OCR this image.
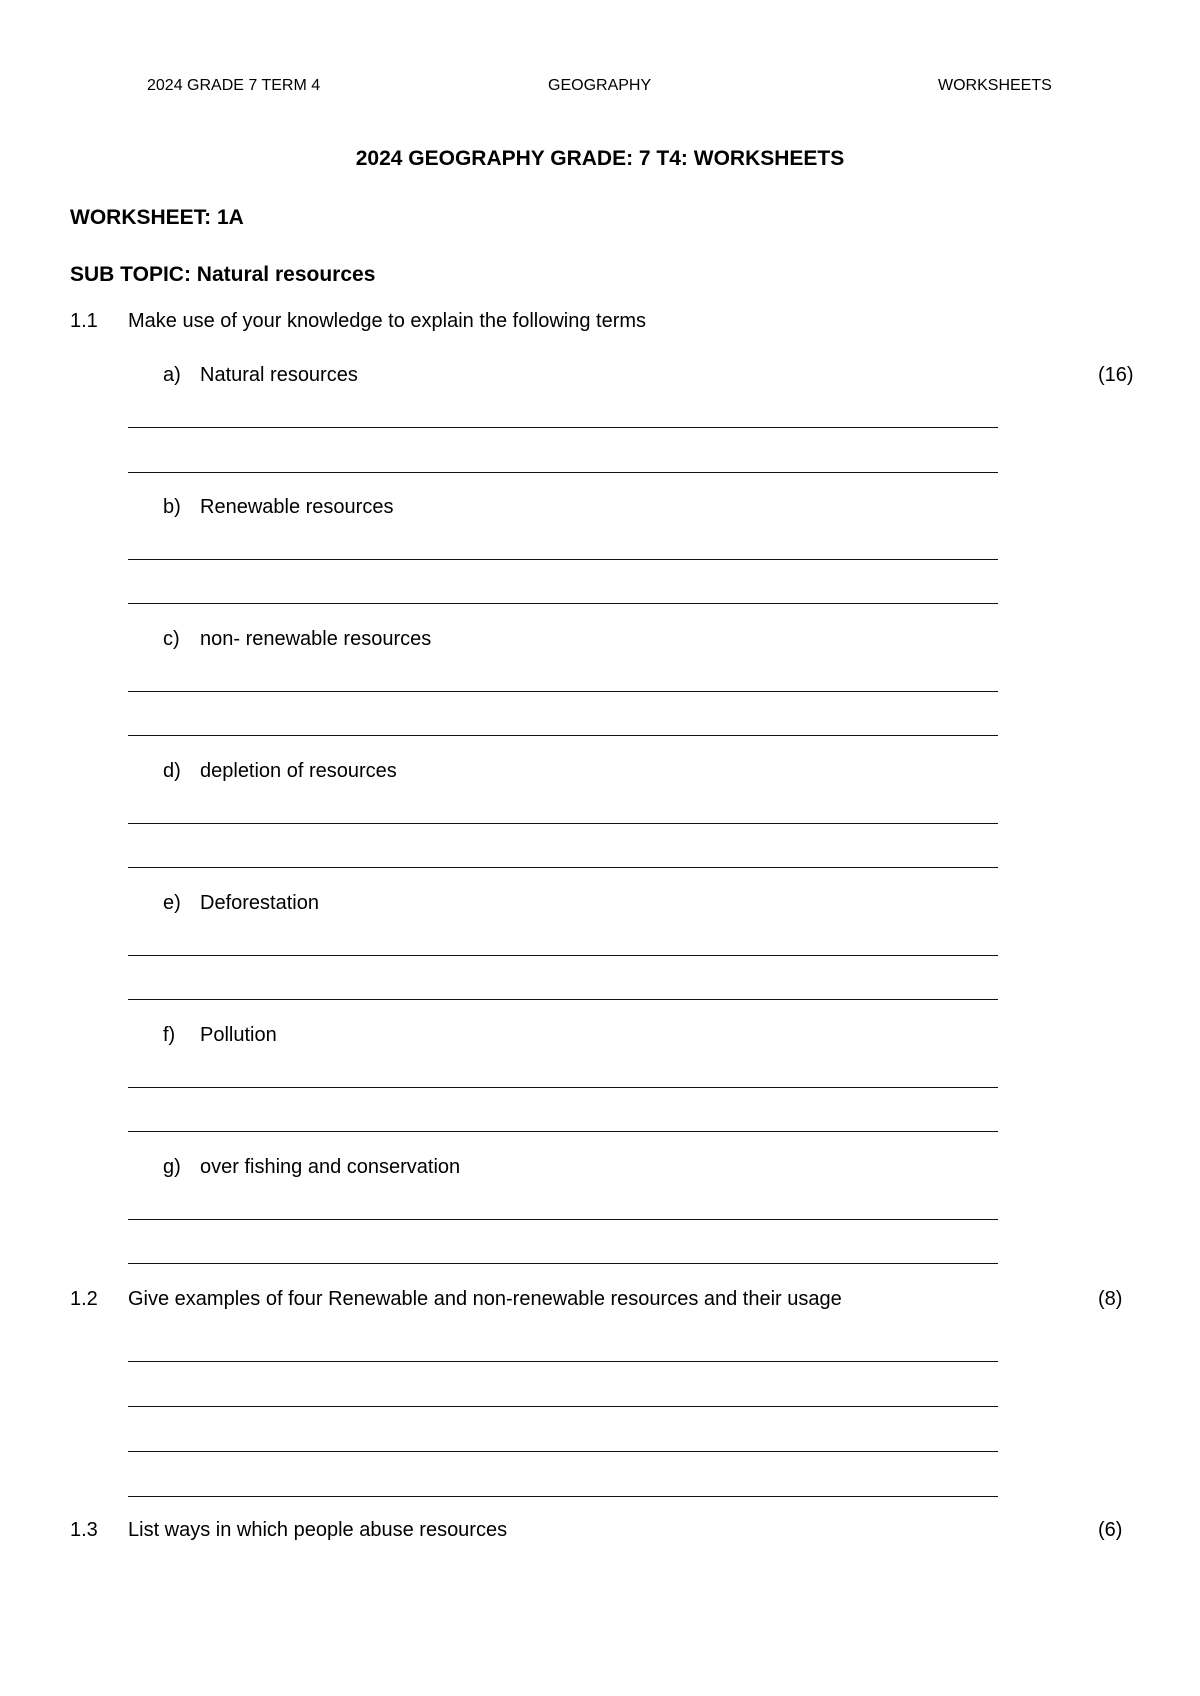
2024 GRADE 7 TERM 4	GEOGRAPHY	WORKSHEETS
2024 GEOGRAPHY GRADE: 7 T4: WORKSHEETS
WORKSHEET: 1A
SUB TOPIC: Natural resources
1.1 Make use of your knowledge to explain the following terms
(16)
a) Natural resources
b) Renewable resources
c) non- renewable resources
d) depletion of resources
e) Deforestation
f) Pollution
g) over fishing and conservation
1.2 Give examples of four Renewable and non-renewable resources and their usage	(8)
1.3 List ways in which people abuse resources	(6)
